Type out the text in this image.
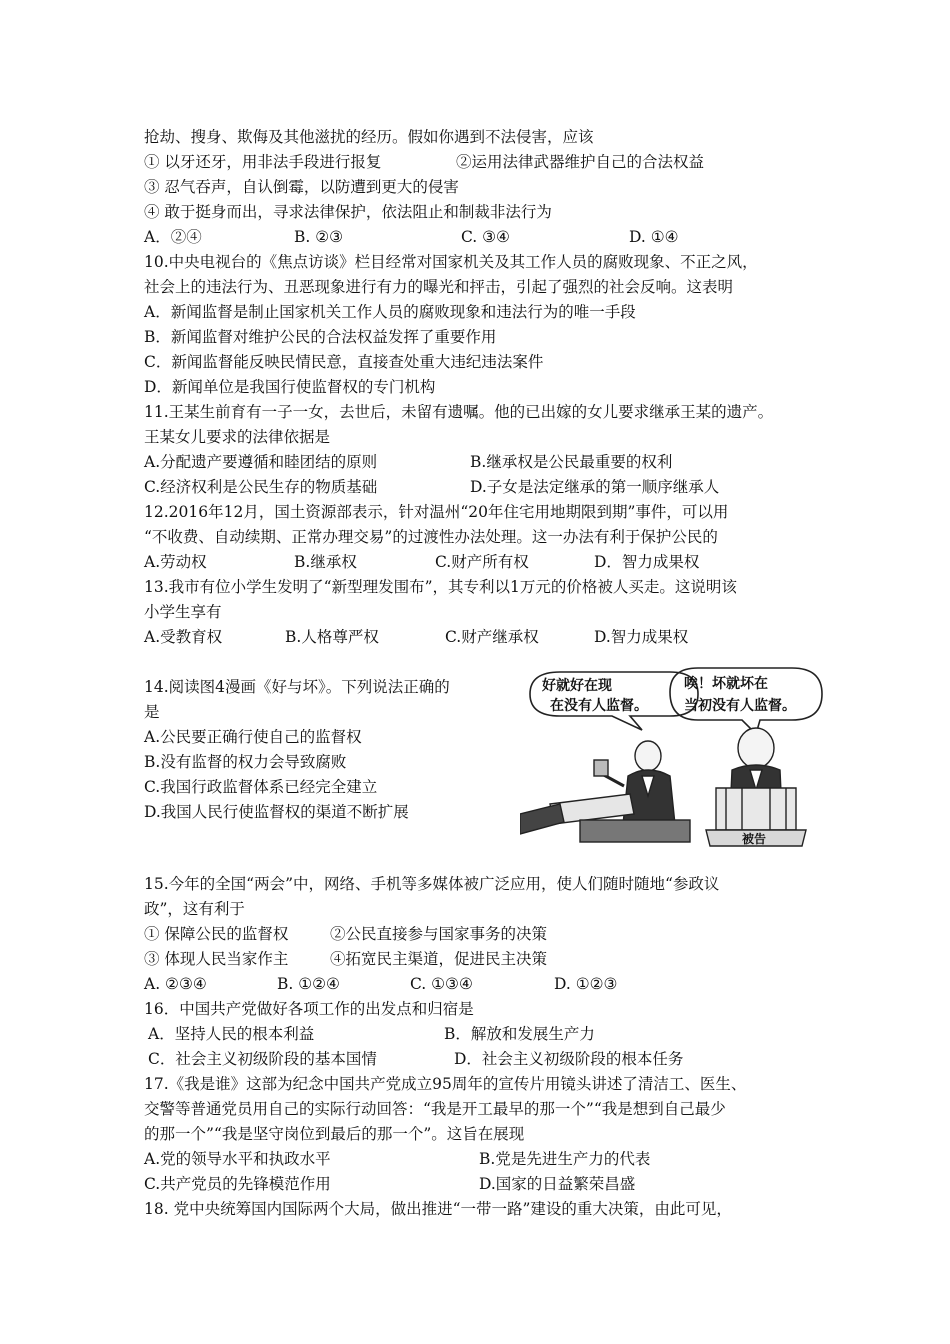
抢劫、搜身、欺侮及其他滋扰的经历。假如你遇到不法侵害，应该
① 以牙还牙，用非法手段进行报复	②运用法律武器维护自己的合法权益
③ 忍气吞声，自认倒霉，以防遭到更大的侵害
④ 敢于挺身而出，寻求法律保护，依法阻止和制裁非法行为
A．②④	B. ②③	C. ③④	D. ①④
10.中央电视台的《焦点访谈》栏目经常对国家机关及其工作人员的腐败现象、不正之风，
社会上的违法行为、丑恶现象进行有力的曝光和抨击，引起了强烈的社会反响。这表明
A．新闻监督是制止国家机关工作人员的腐败现象和违法行为的唯一手段
B．新闻监督对维护公民的合法权益发挥了重要作用
C．新闻监督能反映民情民意，直接查处重大违纪违法案件
D．新闻单位是我国行使监督权的专门机构
11.王某生前育有一子一女，去世后，未留有遗嘱。他的已出嫁的女儿要求继承王某的遗产。
王某女儿要求的法律依据是
A.分配遗产要遵循和睦团结的原则	B.继承权是公民最重要的权利
C.经济权利是公民生存的物质基础	D.子女是法定继承的第一顺序继承人
12.2016年12月，国土资源部表示，针对温州“20年住宅用地期限到期”事件，可以用
“不收费、自动续期、正常办理交易”的过渡性办法处理。这一办法有利于保护公民的
A.劳动权	B.继承权	C.财产所有权	D．智力成果权
13.我市有位小学生发明了“新型理发围布”，其专利以1万元的价格被人买走。这说明该
小学生享有
A.受教育权	B.人格尊严权	C.财产继承权	D.智力成果权
14.阅读图4漫画《好与坏》。下列说法正确的
是
A.公民要正确行使自己的监督权
B.没有监督的权力会导致腐败
C.我国行政监督体系已经完全建立
D.我国人民行使监督权的渠道不断扩展
好就好在现
在没有人监督。
唉！坏就坏在
当初没有人监督。
被告
15.今年的全国“两会”中，网络、手机等多媒体被广泛应用，使人们随时随地“参政议
政”，这有利于
① 保障公民的监督权	②公民直接参与国家事务的决策
③ 体现人民当家作主	④拓宽民主渠道，促进民主决策
A. ②③④	B. ①②④	C. ①③④	D. ①②③
16．中国共产党做好各项工作的出发点和归宿是
A．坚持人民的根本利益	B．解放和发展生产力
C．社会主义初级阶段的基本国情	D．社会主义初级阶段的根本任务
17.《我是谁》这部为纪念中国共产党成立95周年的宣传片用镜头讲述了清洁工、医生、
交警等普通党员用自己的实际行动回答：“我是开工最早的那一个”“我是想到自己最少
的那一个”“我是坚守岗位到最后的那一个”。这旨在展现
A.党的领导水平和执政水平	B.党是先进生产力的代表
C.共产党员的先锋模范作用	D.国家的日益繁荣昌盛
18. 党中央统筹国内国际两个大局，做出推进“一带一路”建设的重大决策，由此可见，
